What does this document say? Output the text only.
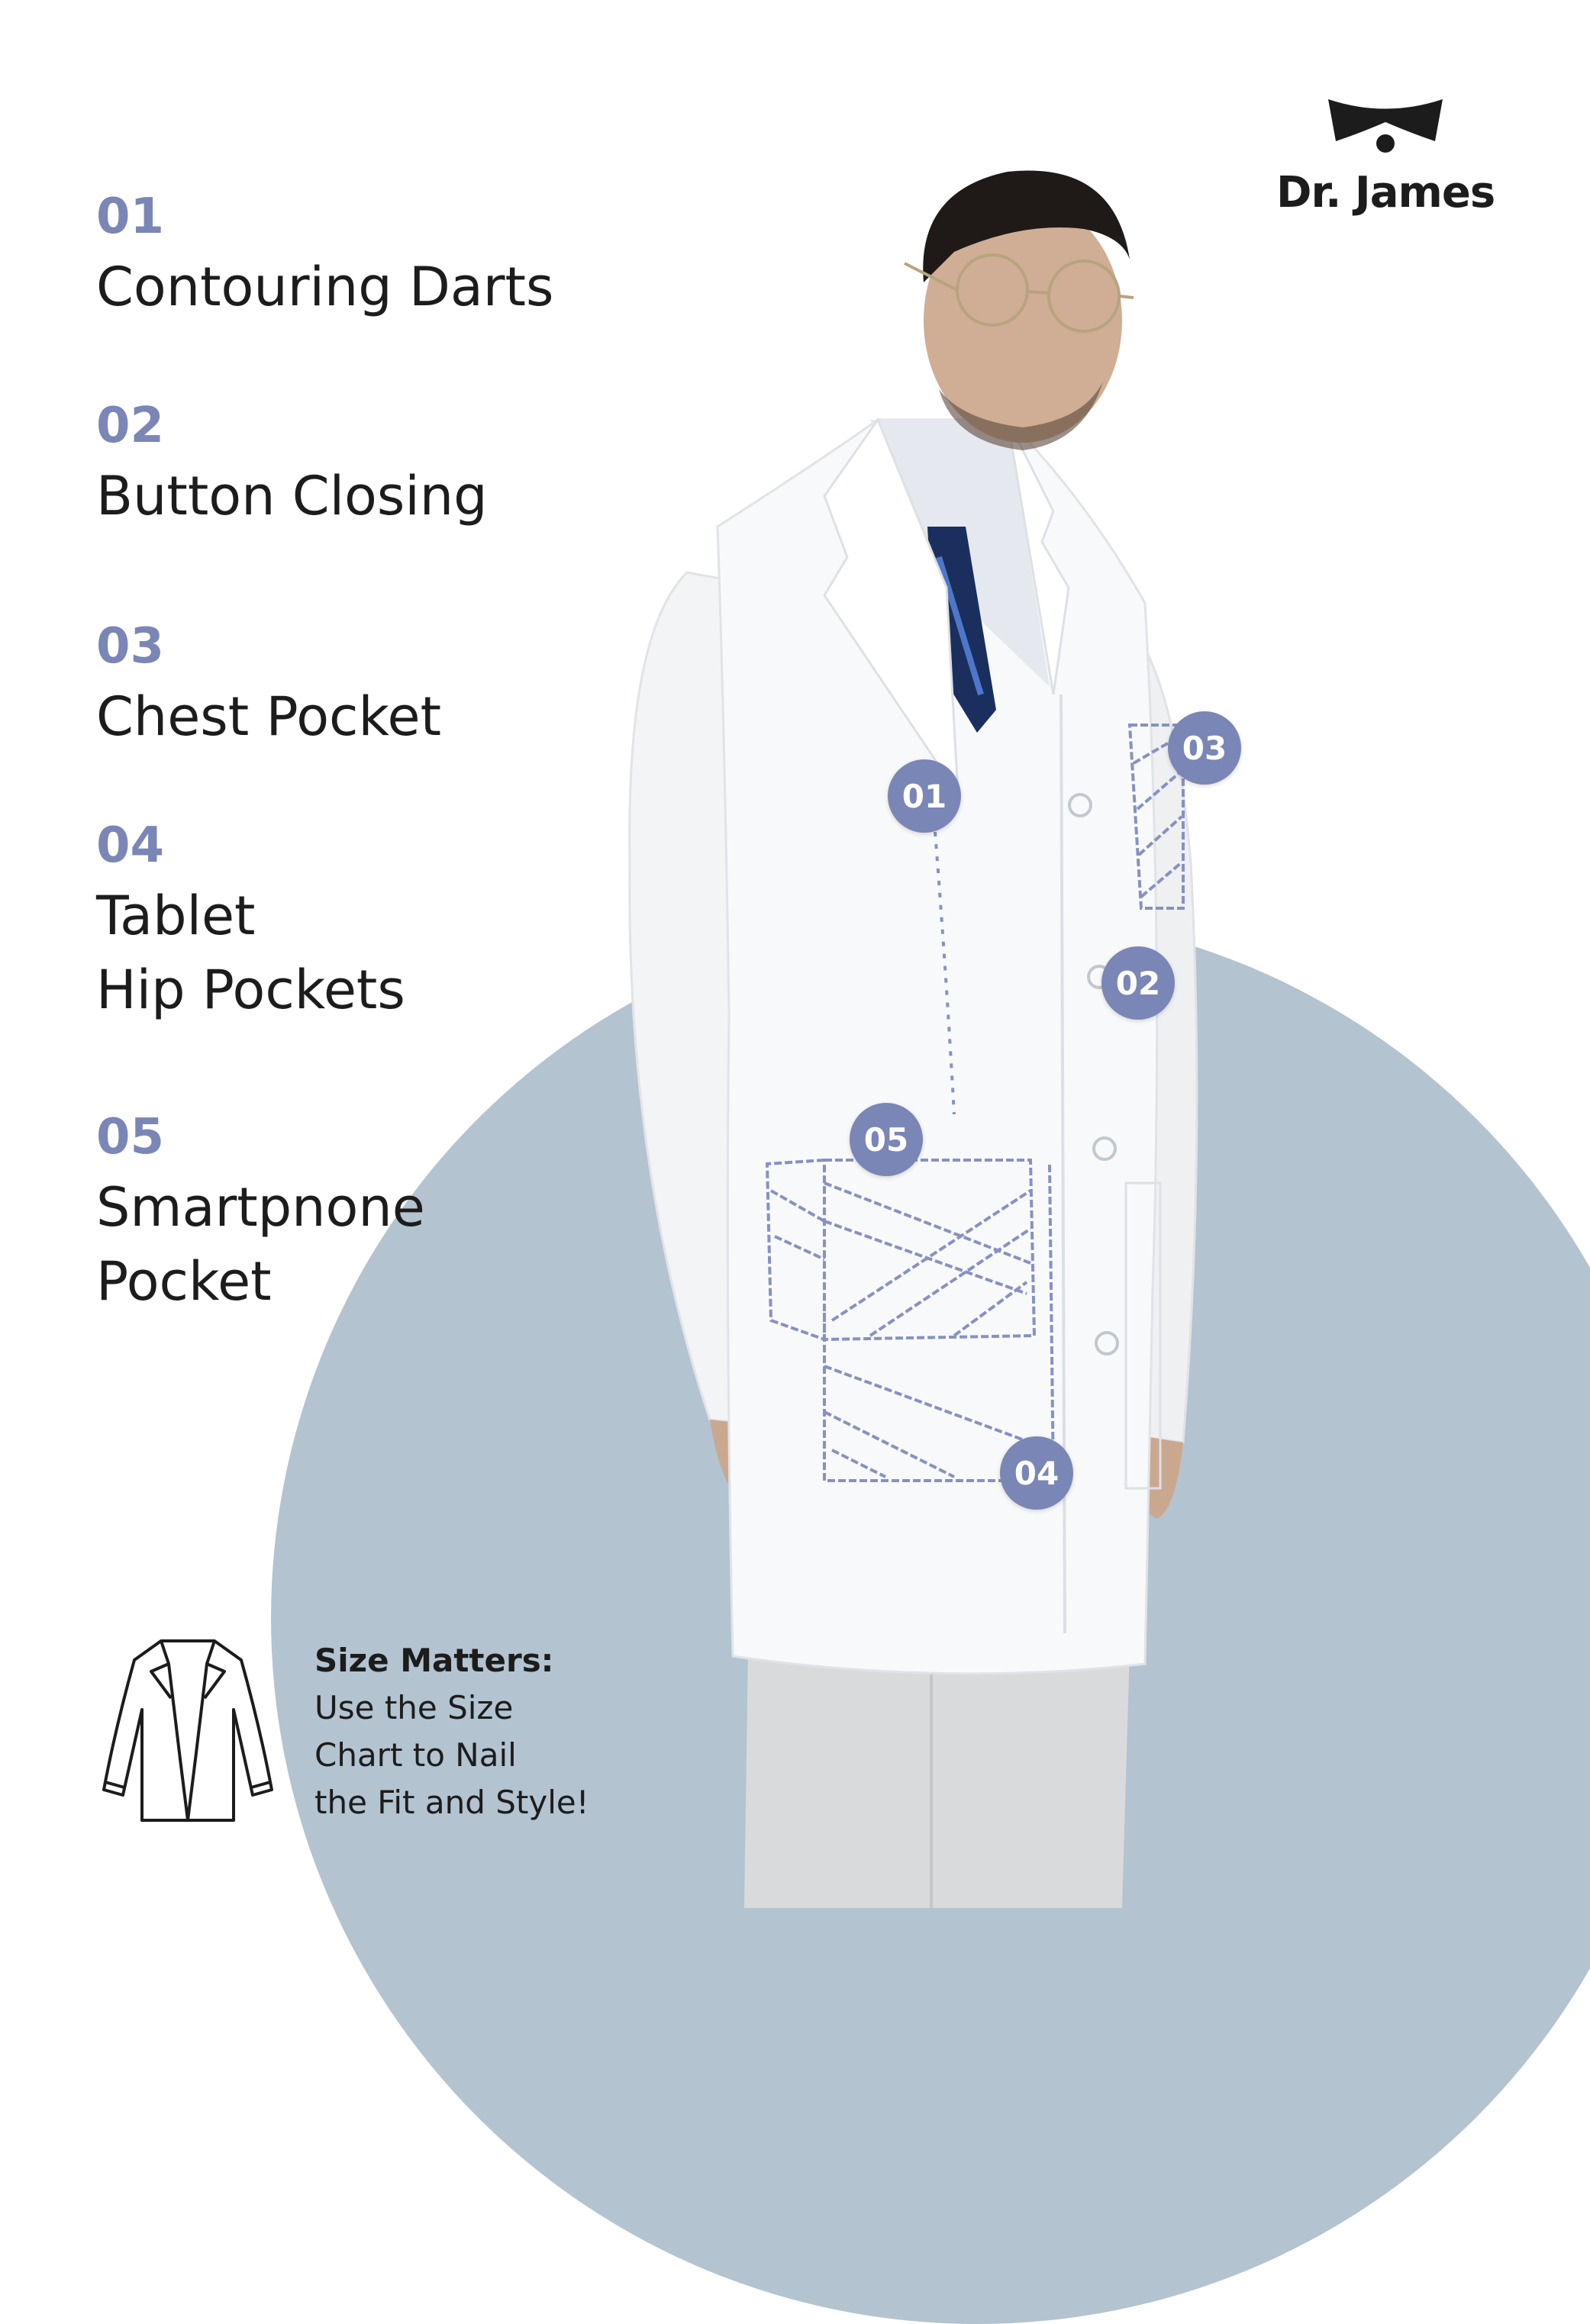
01
Contouring Darts
02
Button Closing
03
Chest Pocket
04
Tablet
Hip Pockets
05
Smartpnone
Pocket
Dr. James
01
02
03
04
05
Size Matters:
Use the Size
Chart to Nail
the Fit and Style!
